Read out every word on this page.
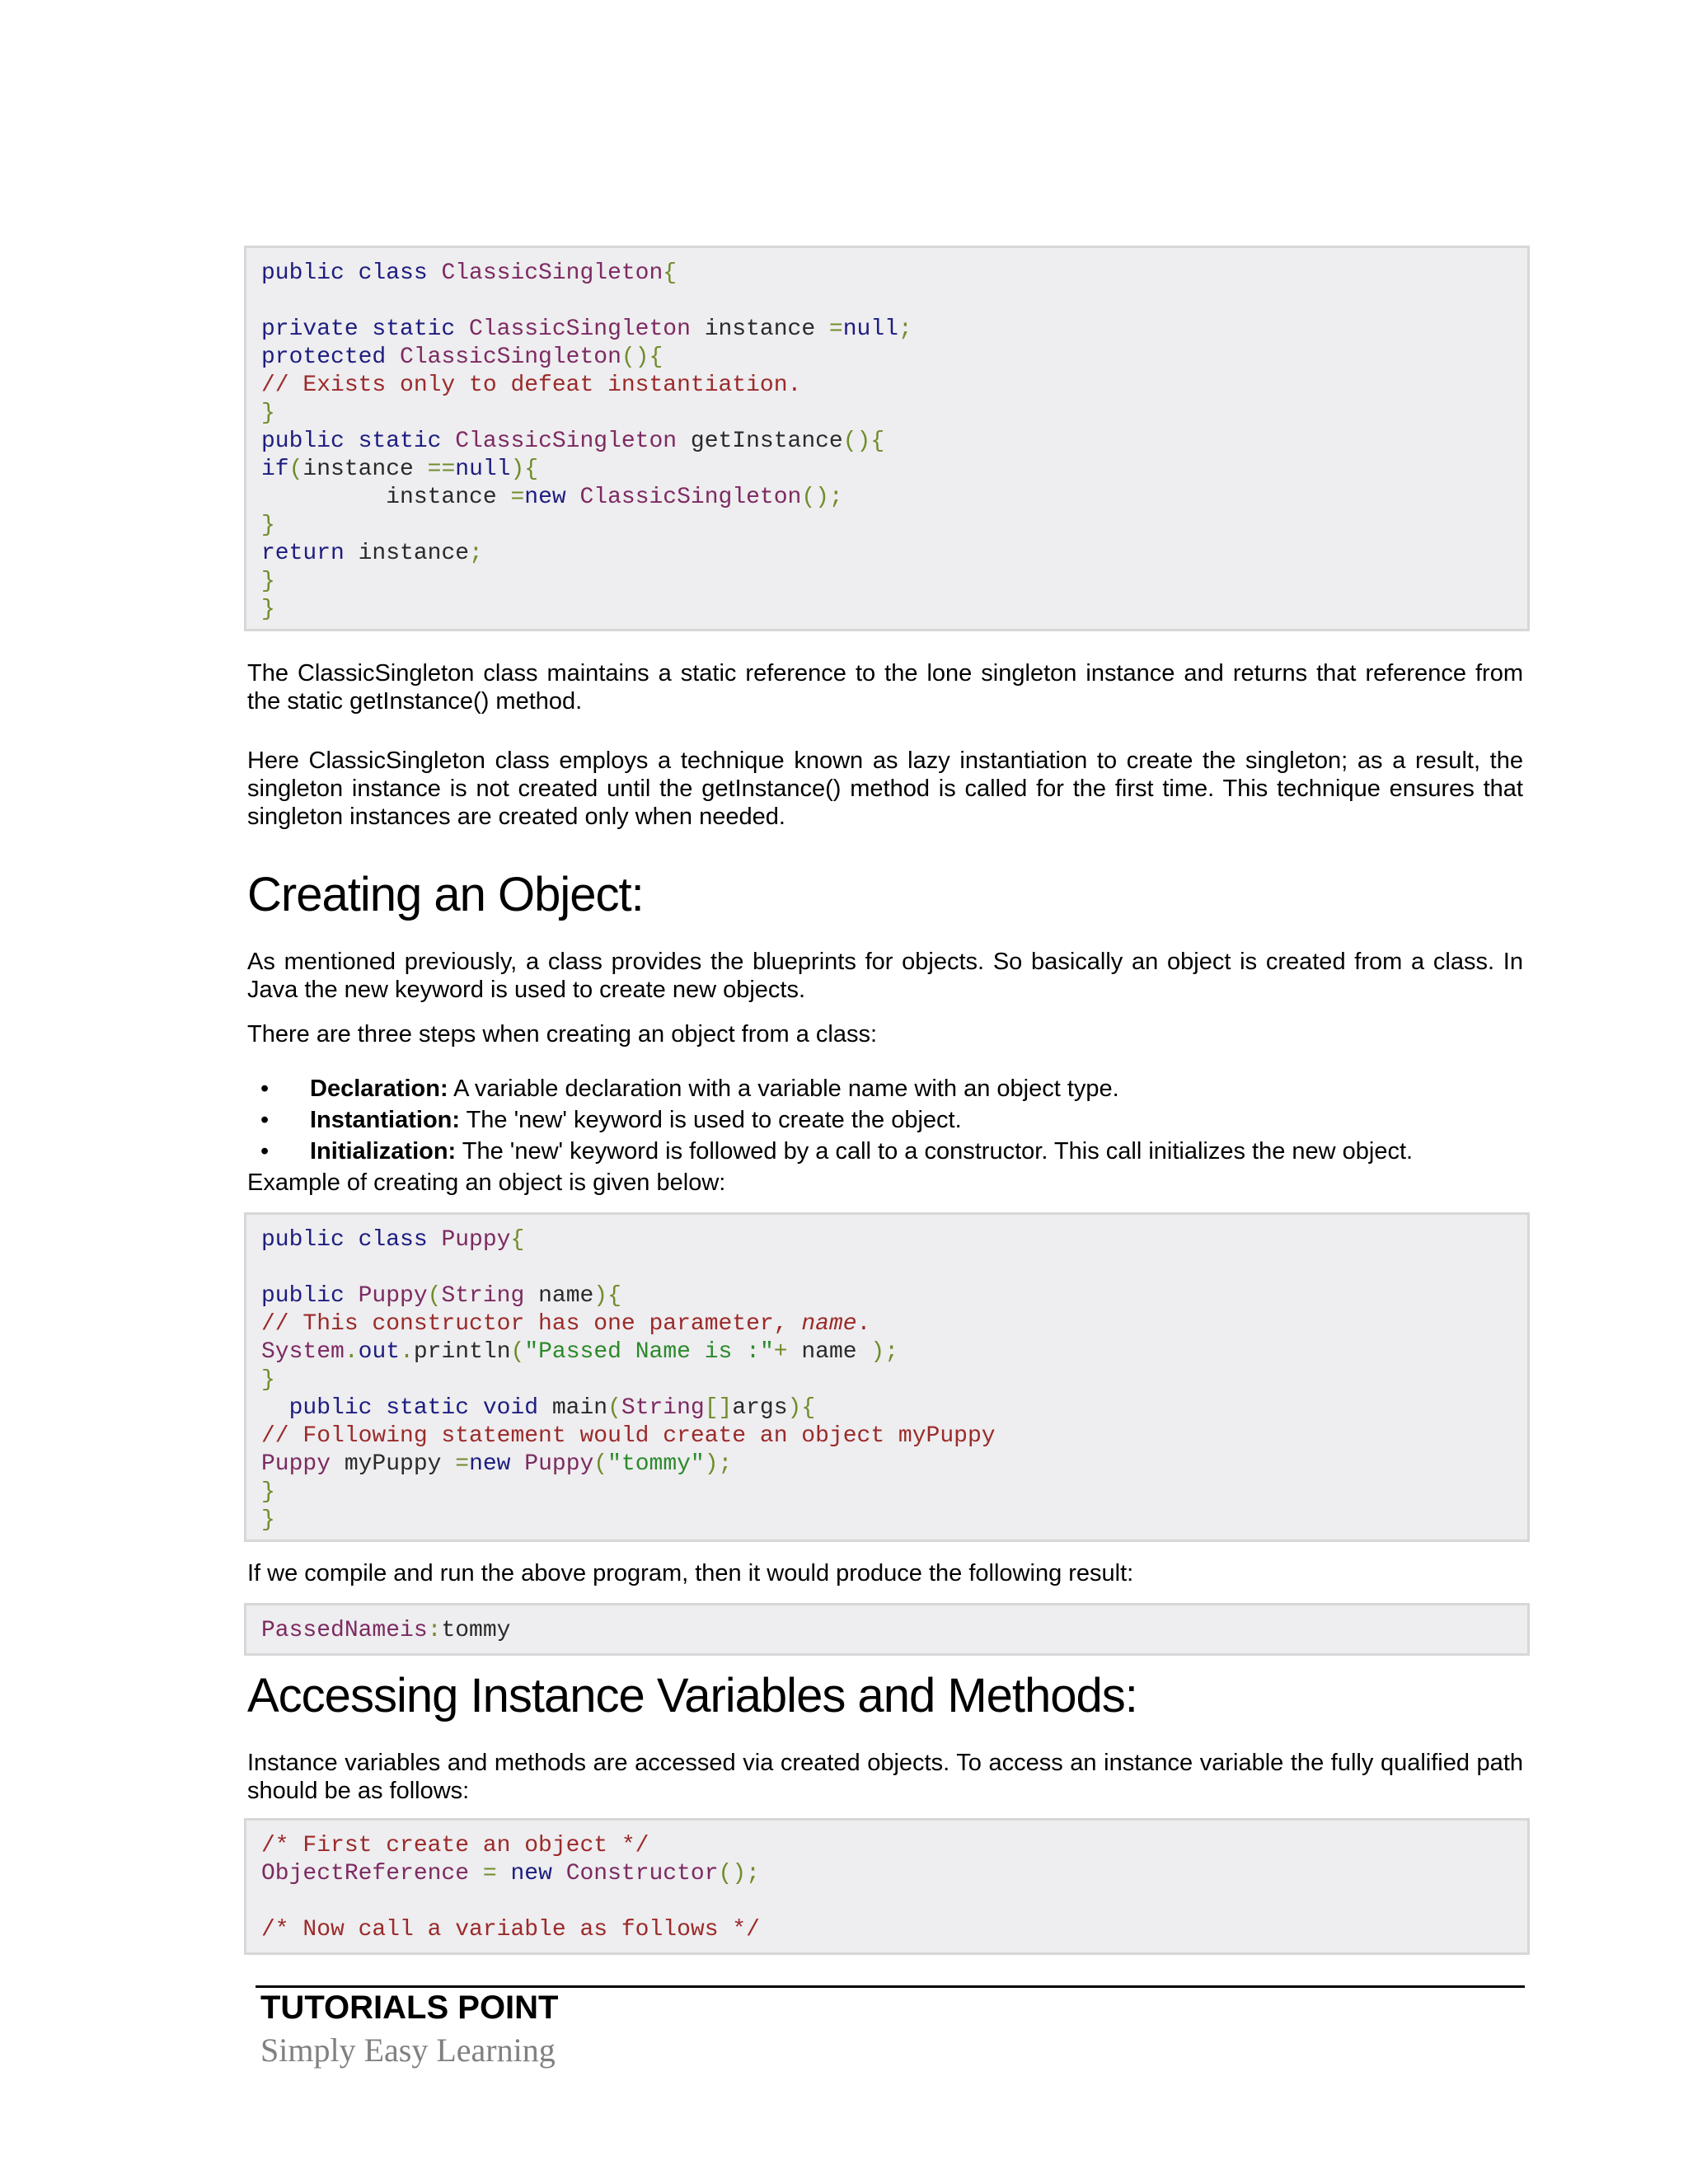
public class ClassicSingleton{
private static ClassicSingleton instance =null;
protected ClassicSingleton(){
// Exists only to defeat instantiation.
}
public static ClassicSingleton getInstance(){
if(instance ==null){
instance =new ClassicSingleton();
}
return instance;
}
}

The ClassicSingleton class maintains a static reference to the lone singleton instance and returns that reference from the static getInstance() method.

Here ClassicSingleton class employs a technique known as lazy instantiation to create the singleton; as a result, the singleton instance is not created until the getInstance() method is called for the first time. This technique ensures that singleton instances are created only when needed.

Creating an Object:

As mentioned previously, a class provides the blueprints for objects. So basically an object is created from a class. In Java the new keyword is used to create new objects.

There are three steps when creating an object from a class:

• Declaration: A variable declaration with a variable name with an object type.
• Instantiation: The 'new' keyword is used to create the object.
• Initialization: The 'new' keyword is followed by a call to a constructor. This call initializes the new object.

Example of creating an object is given below:

public class Puppy{
public Puppy(String name){
// This constructor has one parameter, name.
System.out.println("Passed Name is :"+ name );
}
public static void main(String[]args){
// Following statement would create an object myPuppy
Puppy myPuppy =new Puppy("tommy");
}
}

If we compile and run the above program, then it would produce the following result:

PassedNameis:tommy
Accessing Instance Variables and Methods:

Instance variables and methods are accessed via created objects. To access an instance variable the fully qualified path should be as follows:

/* First create an object */
ObjectReference = new Constructor();
/* Now call a variable as follows */

TUTORIALS POINT

Simply Easy Learning
